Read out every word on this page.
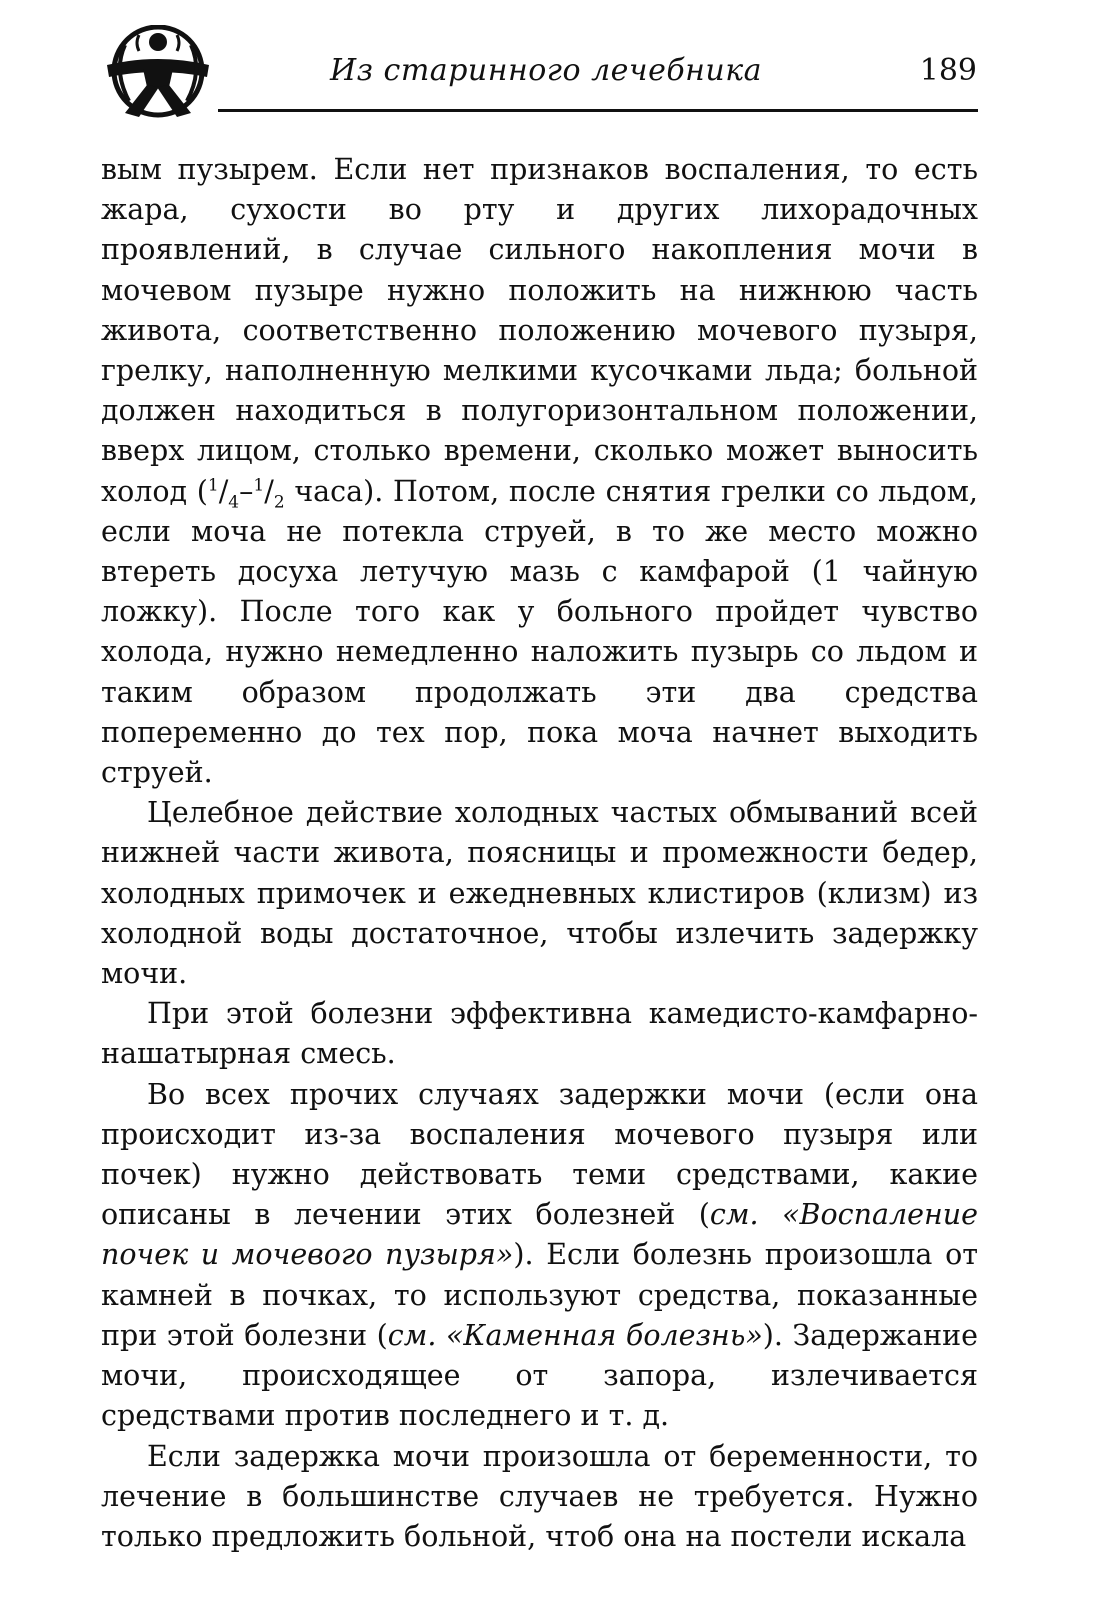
Из старинного лечебника	189

вым пузырем. Если нет признаков воспаления, то есть жара, сухости во рту и других лихорадочных проявлений, в случае сильного накопления мочи в мочевом пузыре нужно положить на нижнюю часть живота, соответственно положению мочевого пузыря, грелку, наполненную мелкими кусочками льда; больной должен находиться в полугоризонтальном положении, вверх лицом, столько времени, сколько может выносить холод ($^1/_4-^1/_2$ часа). Потом, после снятия грелки со льдом, если моча не потекла струей, в то же место можно втереть досуха летучую мазь с камфарой (1 чайную ложку). После того как у больного пройдет чувство холода, нужно немедленно наложить пузырь со льдом и таким образом продолжать эти два средства попеременно до тех пор, пока моча начнет выходить струей.

Целебное действие холодных частых обмываний всей нижней части живота, поясницы и промежности бедер, холодных примочек и ежедневных клистиров (клизм) из холодной воды достаточное, чтобы излечить задержку мочи.

При этой болезни эффективна камедисто-камфарно-нашатырная смесь.

Во всех прочих случаях задержки мочи (если она происходит из-за воспаления мочевого пузыря или почек) нужно действовать теми средствами, какие описаны в лечении этих болезней (см. «Воспаление почек и мочевого пузыря»). Если болезнь произошла от камней в почках, то используют средства, показанные при этой болезни (см. «Каменная болезнь»). Задержание мочи, происходящее от запора, излечивается средствами против последнего и т. д.

Если задержка мочи произошла от беременности, то лечение в большинстве случаев не требуется. Нужно только предложить больной, чтоб она на постели искала
